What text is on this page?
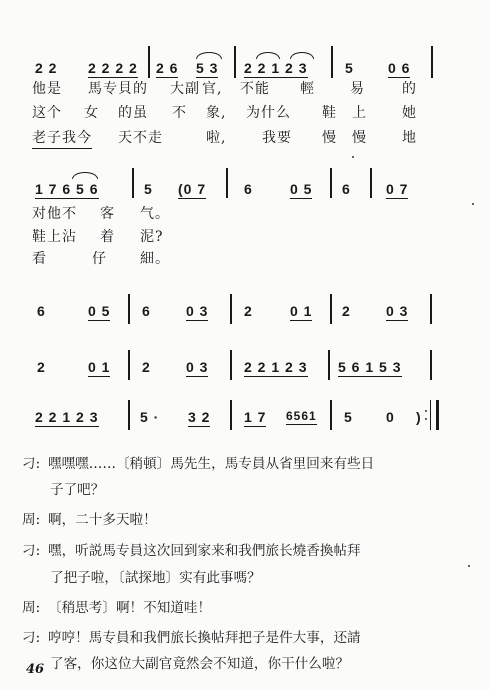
2 2 2 2 2 2 2 6 5 3 2 2 1 2 3	5 0 6
他是 馬专貝的 大副 官, 不能 輕	易	的
这个 女 的虽 不 象, 为什么 鞋 上	她
老子我今 天不走	啦,	我要 慢 慢	地
1 7 6 5 6	5 (0 7	6	0 5 6	0 7
对他不 客 气。
鞋上沾 着 泥?
看	仔 細。
6	0 5 6	0 3	2	0 1 2	0 3
2	0 1 2	0 3	2 2 1 2 3 5 6 1 5 3
2 2 1 2 3	5 · 3 2 1 7 6561 5 0 )
刁: 嘿嘿嘿……〔稍頓〕馬先生，馬专員从省里回来有些日
子了吧？
周: 啊，二十多天啦！
刁: 嘿，听説馬专員这次回到家来和我們旅长燒香換帖拜
了把子啦，〔試探地〕实有此事嗎？
周: 〔稍思考〕啊！不知道哇！
刁: 哼哼！馬专員和我們旅长換帖拜把子是件大事，还請
了客，你这位大副官竟然会不知道，你干什么啦？
46
